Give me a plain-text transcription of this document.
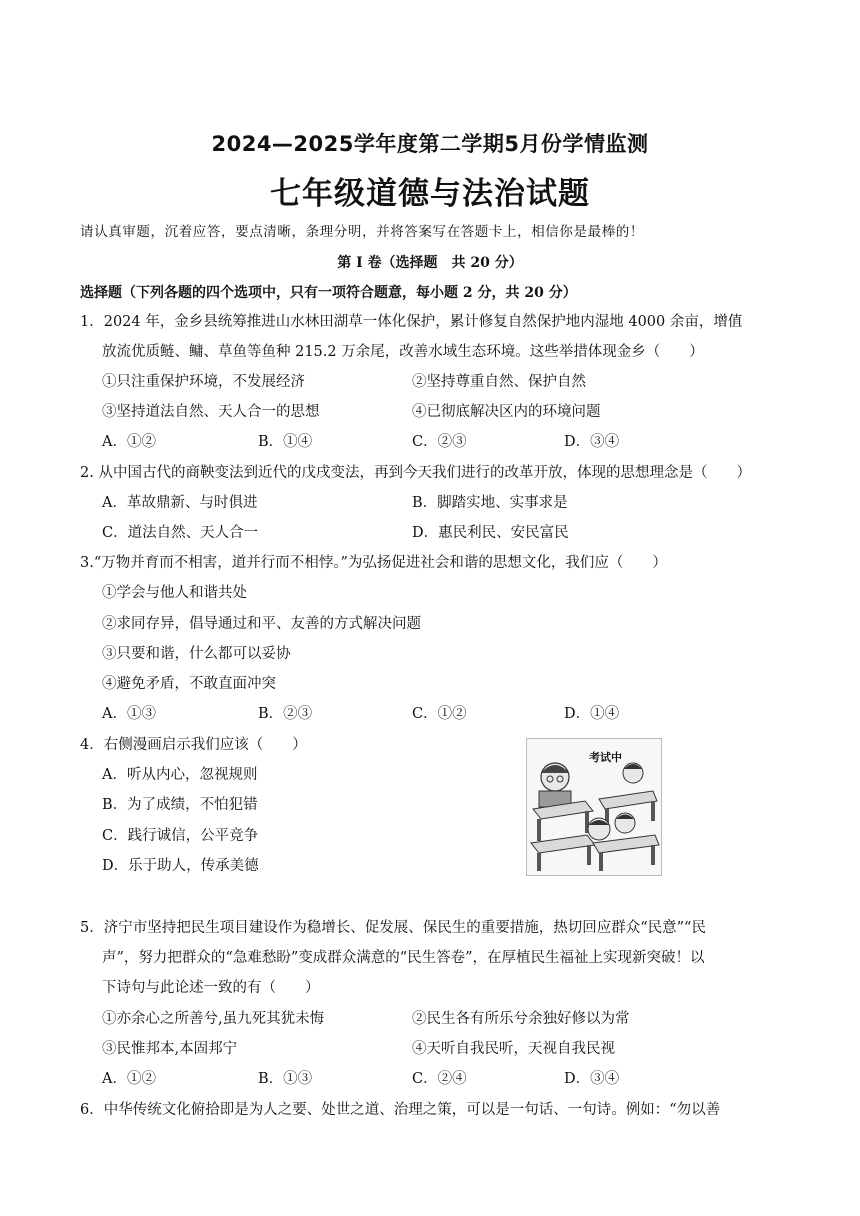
2024—2025学年度第二学期5月份学情监测
七年级道德与法治试题
请认真审题，沉着应答，要点清晰，条理分明，并将答案写在答题卡上，相信你是最棒的！
第 I 卷（选择题　共 20 分）
选择题（下列各题的四个选项中，只有一项符合题意，每小题 2 分，共 20 分）
1．2024 年，金乡县统筹推进山水林田湖草一体化保护，累计修复自然保护地内湿地 4000 余亩，增值
放流优质鲢、鳙、草鱼等鱼种 215.2 万余尾，改善水域生态环境。这些举措体现金乡（　　）
①只注重保护环境，不发展经济	②坚持尊重自然、保护自然
③坚持道法自然、天人合一的思想	④已彻底解决区内的环境问题
A．①②	B．①④	C．②③	D．③④
2. 从中国古代的商鞅变法到近代的戊戌变法，再到今天我们进行的改革开放，体现的思想理念是（　　）
A．革故鼎新、与时俱进	B．脚踏实地、实事求是
C．道法自然、天人合一	D．惠民利民、安民富民
3.“万物并育而不相害，道并行而不相悖。”为弘扬促进社会和谐的思想文化，我们应（　　）
①学会与他人和谐共处
②求同存异，倡导通过和平、友善的方式解决问题
③只要和谐，什么都可以妥协
④避免矛盾，不敢直面冲突
A．①③	B．②③	C．①②	D．①④
4．右侧漫画启示我们应该（　　）
A．听从内心，忽视规则
B．为了成绩，不怕犯错
C．践行诚信，公平竞争
D．乐于助人，传承美德
考试中
5．济宁市坚持把民生项目建设作为稳增长、促发展、保民生的重要措施，热切回应群众“民意”“民
声”，努力把群众的“急难愁盼”变成群众满意的“民生答卷”，在厚植民生福祉上实现新突破！以
下诗句与此论述一致的有（　　）
①亦余心之所善兮,虽九死其犹未悔	②民生各有所乐兮余独好修以为常
③民惟邦本,本固邦宁	④天听自我民听，天视自我民视
A．①②	B．①③	C．②④	D．③④
6．中华传统文化俯拾即是为人之要、处世之道、治理之策，可以是一句话、一句诗。例如：“勿以善
